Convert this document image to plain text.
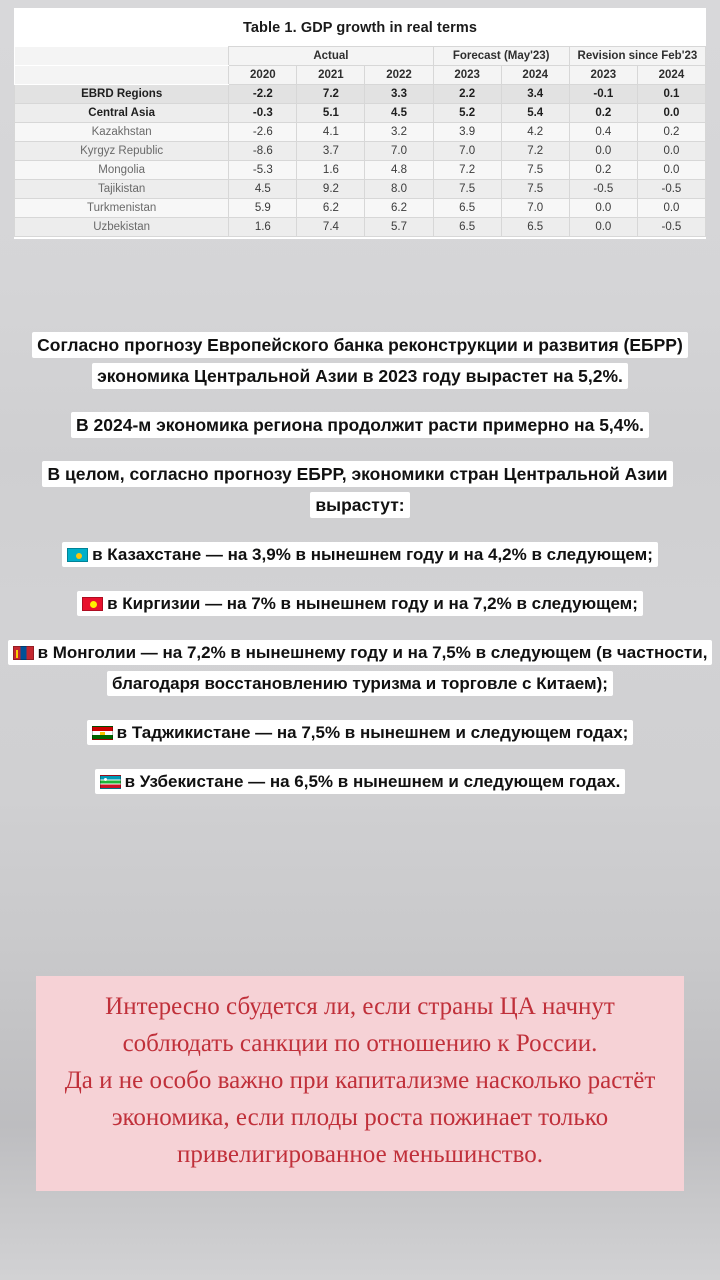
Table 1. GDP growth in real terms
	Actual			Forecast (May'23)		Revision since Feb'23	
	2020	2021	2022	2023	2024	2023	2024
EBRD Regions	-2.2	7.2	3.3	2.2	3.4	-0.1	0.1
Central Asia	-0.3	5.1	4.5	5.2	5.4	0.2	0.0
Kazakhstan	-2.6	4.1	3.2	3.9	4.2	0.4	0.2
Kyrgyz Republic	-8.6	3.7	7.0	7.0	7.2	0.0	0.0
Mongolia	-5.3	1.6	4.8	7.2	7.5	0.2	0.0
Tajikistan	4.5	9.2	8.0	7.5	7.5	-0.5	-0.5
Turkmenistan	5.9	6.2	6.2	6.5	7.0	0.0	0.0
Uzbekistan	1.6	7.4	5.7	6.5	6.5	0.0	-0.5
Согласно прогнозу Европейского банка реконструкции и развития (ЕБРР) экономика Центральной Азии в 2023 году вырастет на 5,2%.
В 2024-м экономика региона продолжит расти примерно на 5,4%.
В целом, согласно прогнозу ЕБРР, экономики стран Центральной Азии вырастут:
в Казахстане — на 3,9% в нынешнем году и на 4,2% в следующем;
в Киргизии — на 7% в нынешнем году и на 7,2% в следующем;
в Монголии — на 7,2% в нынешнему году и на 7,5% в следующем (в частности, благодаря восстановлению туризма и торговле с Китаем);
в Таджикистане — на 7,5% в нынешнем и следующем годах;
в Узбекистане — на 6,5% в нынешнем и следующем годах.

Интересно сбудется ли, если страны ЦА начнут соблюдать санкции по отношению к России.

Да и не особо важно при капитализме насколько растёт экономика, если плоды роста пожинает только привелигированное меньшинство.
